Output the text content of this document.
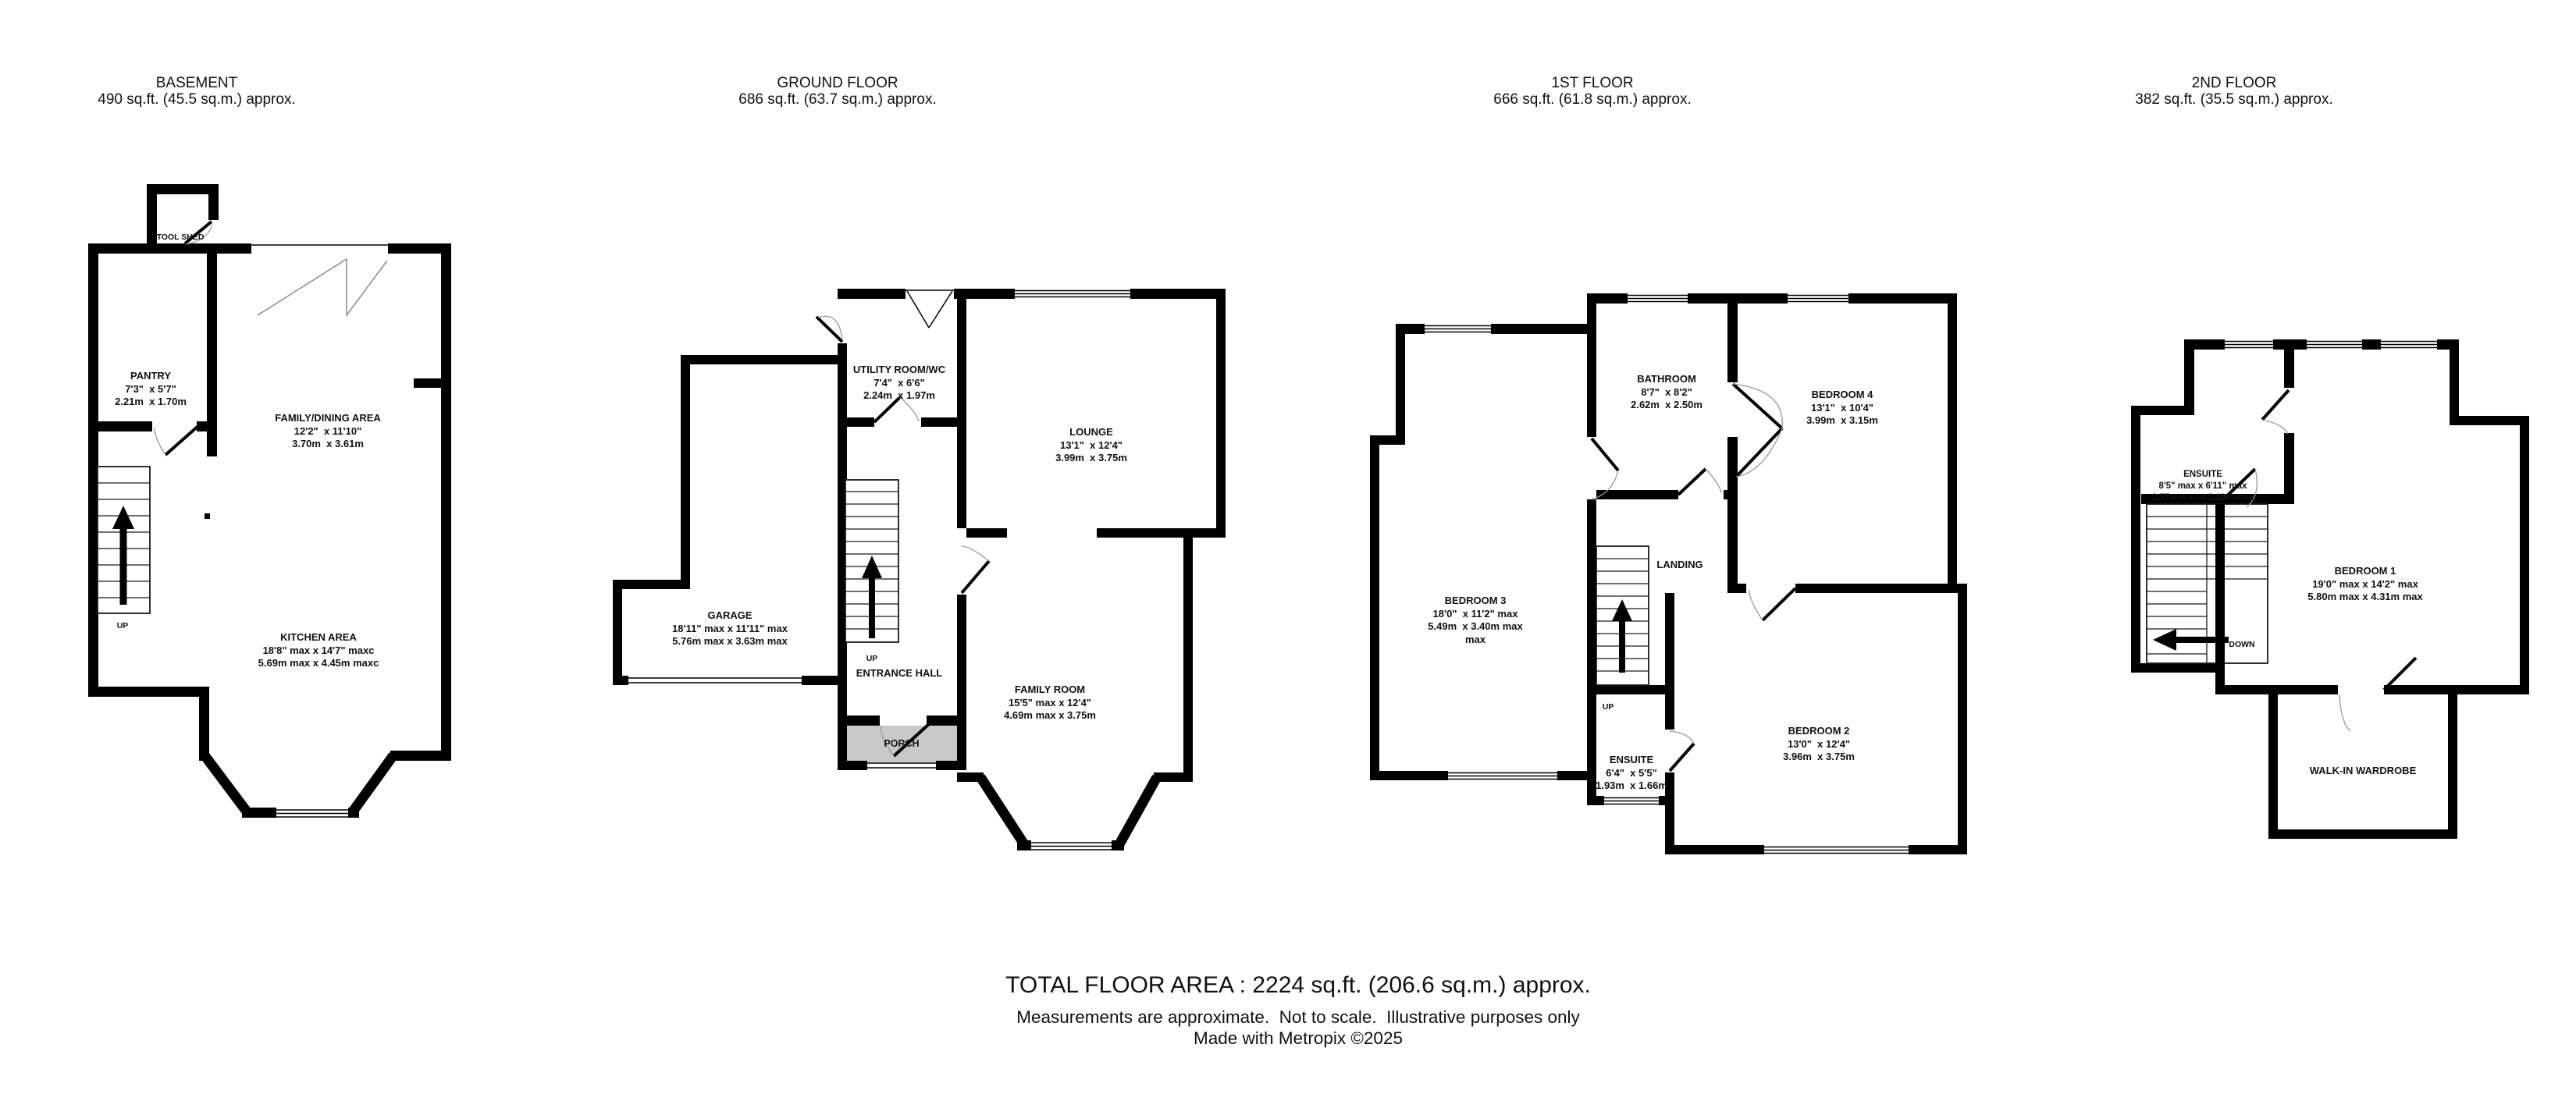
BASEMENT
490 sq.ft. (45.5 sq.m.) approx.
GROUND FLOOR
686 sq.ft. (63.7 sq.m.) approx.
1ST FLOOR
666 sq.ft. (61.8 sq.m.) approx.
2ND FLOOR
382 sq.ft. (35.5 sq.m.) approx.
TOOL SHED

PANTRY
7'3"  x 5'7"
2.21m  x 1.70m

FAMILY/DINING AREA
12'2"  x 11'10"
3.70m  x 3.61m

KITCHEN AREA
18'8" max x 14'7" maxc
5.69m max x 4.45m maxc
UP

UTILITY ROOM/WC
7'4"  x 6'6"
2.24m  x 1.97m

LOUNGE
13'1"  x 12'4"
3.99m  x 3.75m

GARAGE
18'11" max x 11'11" max
5.76m max x 3.63m max

FAMILY ROOM
15'5" max x 12'4"
4.69m max x 3.75m
UP
ENTRANCE HALL
PORCH

BATHROOM
8'7"  x 8'2"
2.62m  x 2.50m

BEDROOM 4
13'1"  x 10'4"
3.99m  x 3.15m

BEDROOM 3
18'0"  x 11'2" max
5.49m  x 3.40m max
max
LANDING

ENSUITE
6'4"  x 5'5"
1.93m  x 1.66m

BEDROOM 2
13'0"  x 12'4"
3.96m  x 3.75m
UP

ENSUITE
8'5" max x 6'11" max
2.57m max x 2.10m max

BEDROOM 1
19'0" max x 14'2" max
5.80m max x 4.31m max
WALK-IN WARDROBE
DOWN
TOTAL FLOOR AREA : 2224 sq.ft. (206.6 sq.m.) approx.
Measurements are approximate.  Not to scale.  Illustrative purposes only
Made with Metropix ©2025
